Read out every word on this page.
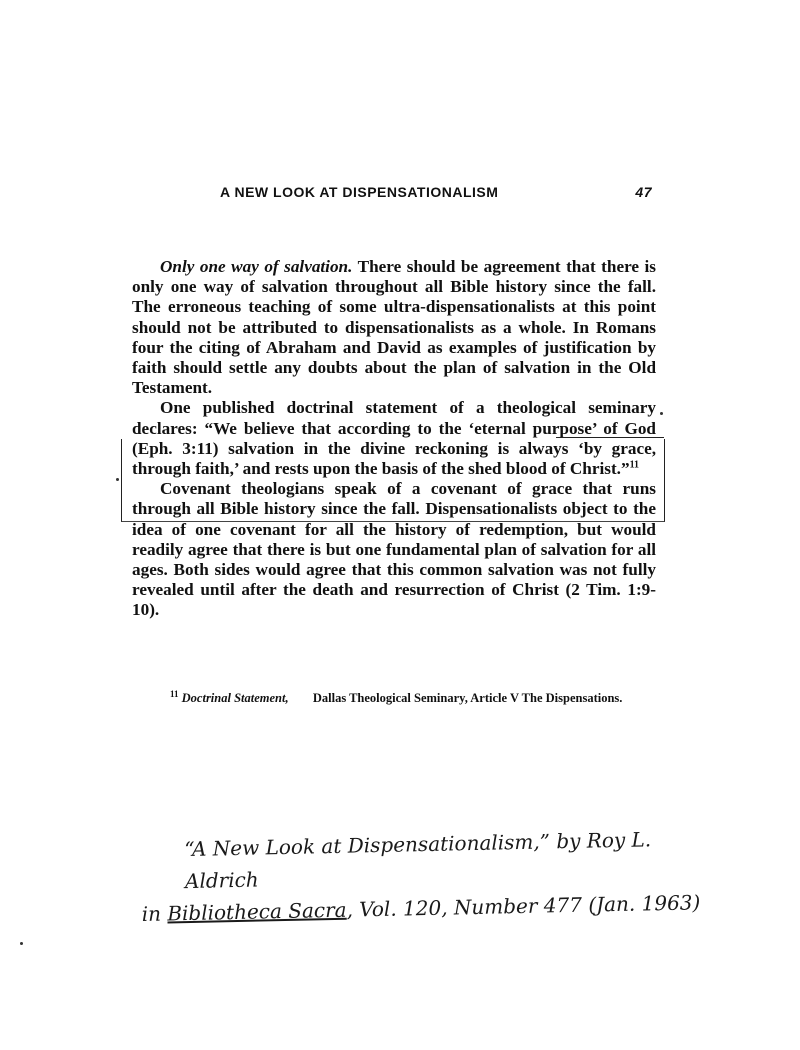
A NEW LOOK AT DISPENSATIONALISM	47

Only one way of salvation. There should be agreement that there is only one way of salvation throughout all Bible history since the fall. The erroneous teaching of some ultra-dispensationalists at this point should not be attributed to dispensationalists as a whole. In Romans four the citing of Abraham and David as examples of justification by faith should settle any doubts about the plan of salvation in the Old Testament.

One published doctrinal statement of a theological seminary declares: “We believe that according to the ‘eternal purpose’ of God (Eph. 3:11) salvation in the divine reckoning is always ‘by grace, through faith,’ and rests upon the basis of the shed blood of Christ.”$^{11}$

Covenant theologians speak of a covenant of grace that runs through all Bible history since the fall. Dispensationalists object to the idea of one covenant for all the history of redemption, but would readily agree that there is but one fundamental plan of salvation for all ages. Both sides would agree that this common salvation was not fully revealed until after the death and resurrection of Christ (2 Tim. 1:9-10).

$^{11}$ Doctrinal Statement, Dallas Theological Seminary, Article V The Dispensations.
“A New Look at Dispensationalism,” by Roy L. Aldrich
in Bibliotheca Sacra, Vol. 120, Number 477 (Jan. 1963)
